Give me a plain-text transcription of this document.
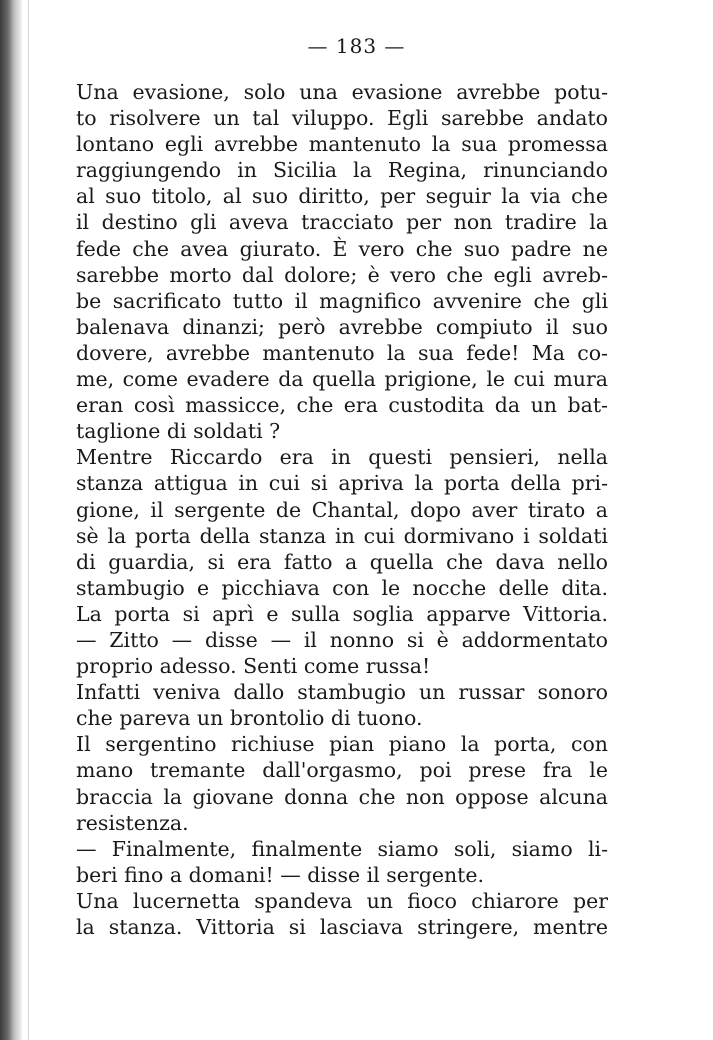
— 183 —
Una evasione, solo una evasione avrebbe potu-
to risolvere un tal viluppo. Egli sarebbe andato
lontano egli avrebbe mantenuto la sua promessa
raggiungendo in Sicilia la Regina, rinunciando
al suo titolo, al suo diritto, per seguir la via che
il destino gli aveva tracciato per non tradire la
fede che avea giurato. È vero che suo padre ne
sarebbe morto dal dolore; è vero che egli avreb-
be sacrificato tutto il magnifico avvenire che gli
balenava dinanzi; però avrebbe compiuto il suo
dovere, avrebbe mantenuto la sua fede! Ma co-
me, come evadere da quella prigione, le cui mura
eran così massicce, che era custodita da un bat-
taglione di soldati ?
Mentre Riccardo era in questi pensieri, nella
stanza attigua in cui si apriva la porta della pri-
gione, il sergente de Chantal, dopo aver tirato a
sè la porta della stanza in cui dormivano i soldati
di guardia, si era fatto a quella che dava nello
stambugio e picchiava con le nocche delle dita.
La porta si aprì e sulla soglia apparve Vittoria.
— Zitto — disse — il nonno si è addormentato
proprio adesso. Senti come russa!
Infatti veniva dallo stambugio un russar sonoro
che pareva un brontolio di tuono.
Il sergentino richiuse pian piano la porta, con
mano tremante dall'orgasmo, poi prese fra le
braccia la giovane donna che non oppose alcuna
resistenza.
— Finalmente, finalmente siamo soli, siamo li-
beri fino a domani! — disse il sergente.
Una lucernetta spandeva un fioco chiarore per
la stanza. Vittoria si lasciava stringere, mentre
